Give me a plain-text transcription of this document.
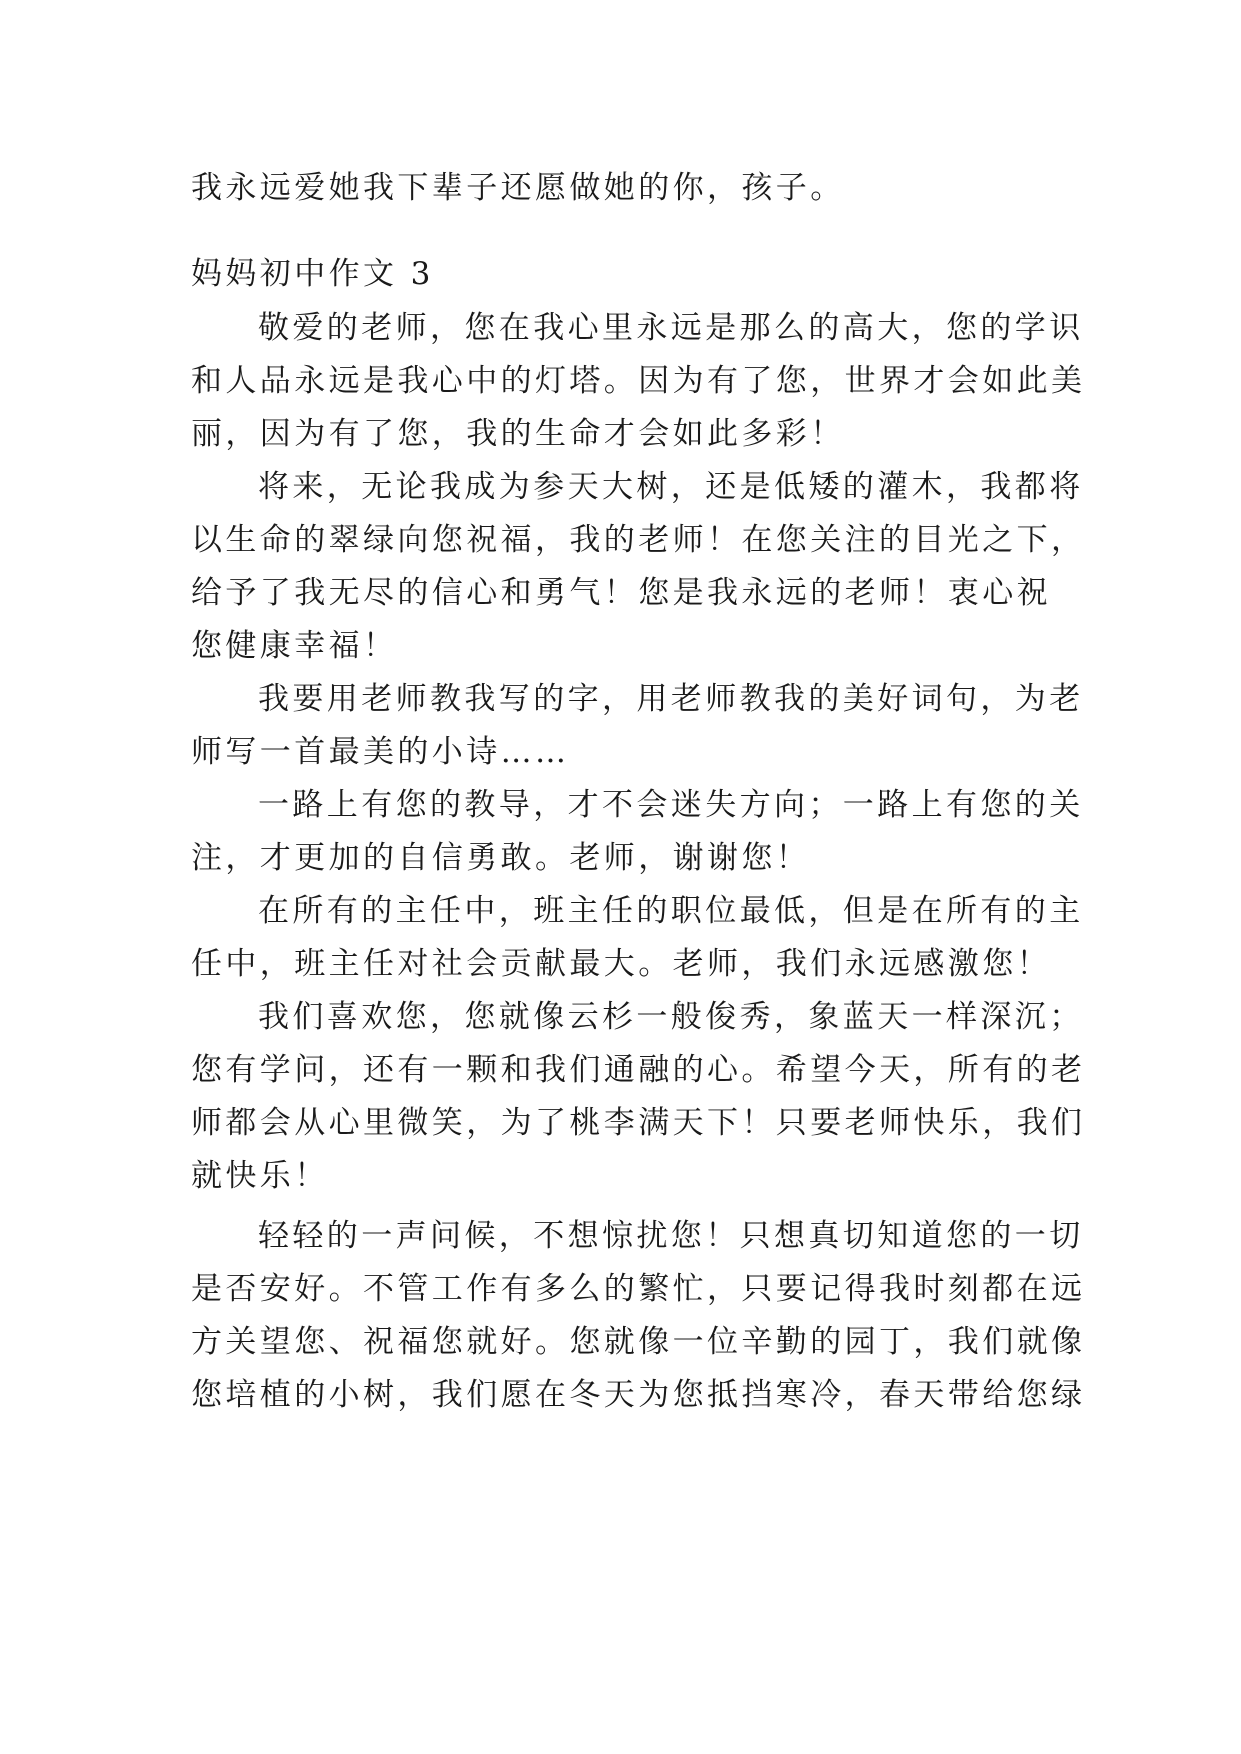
我永远爱她我下辈子还愿做她的你，孩子。
妈妈初中作文 3
敬爱的老师，您在我心里永远是那么的高大，您的学识
和人品永远是我心中的灯塔。因为有了您，世界才会如此美
丽，因为有了您，我的生命才会如此多彩！
将来，无论我成为参天大树，还是低矮的灌木，我都将
以生命的翠绿向您祝福，我的老师！在您关注的目光之下，
给予了我无尽的信心和勇气！您是我永远的老师！衷心祝
您健康幸福！
我要用老师教我写的字，用老师教我的美好词句，为老
师写一首最美的小诗……
一路上有您的教导，才不会迷失方向；一路上有您的关
注，才更加的自信勇敢。老师，谢谢您！
在所有的主任中，班主任的职位最低，但是在所有的主
任中，班主任对社会贡献最大。老师，我们永远感激您！
我们喜欢您，您就像云杉一般俊秀，象蓝天一样深沉；
您有学问，还有一颗和我们通融的心。希望今天，所有的老
师都会从心里微笑，为了桃李满天下！只要老师快乐，我们
就快乐！
轻轻的一声问候，不想惊扰您！只想真切知道您的一切
是否安好。不管工作有多么的繁忙，只要记得我时刻都在远
方关望您、祝福您就好。您就像一位辛勤的园丁，我们就像
您培植的小树，我们愿在冬天为您抵挡寒冷，春天带给您绿
